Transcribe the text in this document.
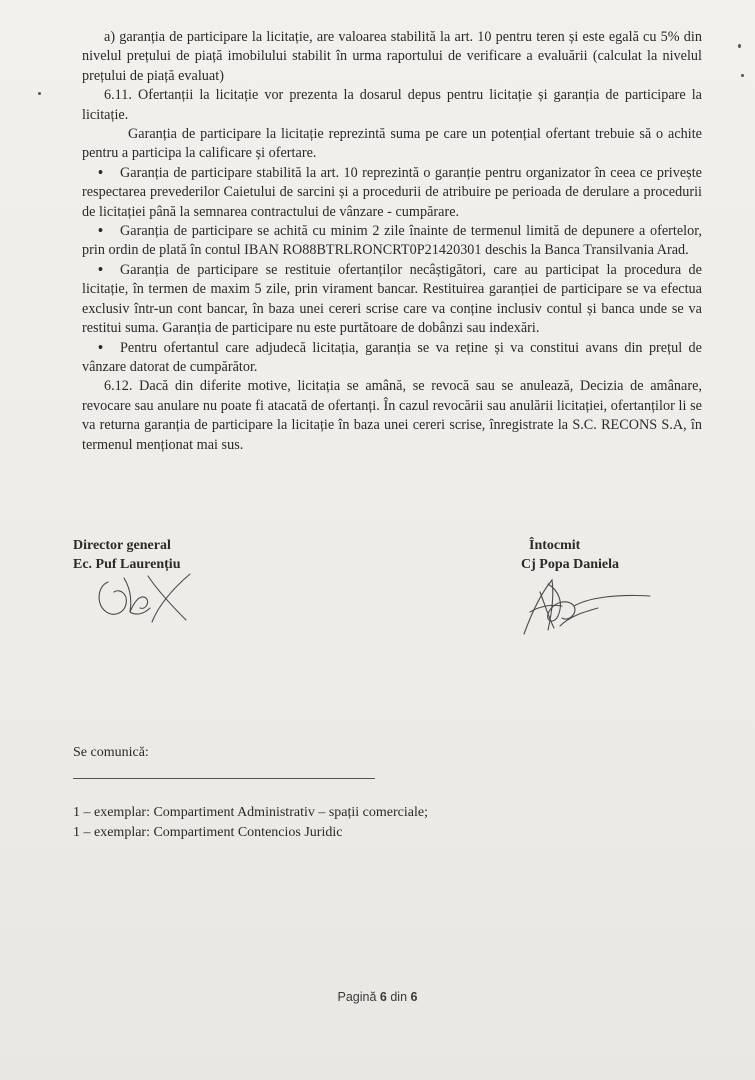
a) garanția de participare la licitație, are valoarea stabilită la art. 10 pentru teren și este egală cu 5% din nivelul prețului de piață imobilului stabilit în urma raportului de verificare a evaluării (calculat la nivelul prețului de piață evaluat)

6.11. Ofertanții la licitație vor prezenta la dosarul depus pentru licitație și garanția de participare la licitație.

Garanția de participare la licitație reprezintă suma pe care un potențial ofertant trebuie să o achite pentru a participa la calificare și ofertare.

• Garanția de participare stabilită la art. 10 reprezintă o garanție pentru organizator în ceea ce privește respectarea prevederilor Caietului de sarcini și a procedurii de atribuire pe perioada de derulare a procedurii de licitației până la semnarea contractului de vânzare - cumpărare.

• Garanția de participare se achită cu minim 2 zile înainte de termenul limită de depunere a ofertelor, prin ordin de plată în contul IBAN RO88BTRLRONCRT0P21420301 deschis la Banca Transilvania Arad.

• Garanția de participare se restituie ofertanților necâștigători, care au participat la procedura de licitație, în termen de maxim 5 zile, prin virament bancar. Restituirea garanției de participare se va efectua exclusiv într-un cont bancar, în baza unei cereri scrise care va conține inclusiv contul și banca unde se va restitui suma. Garanția de participare nu este purtătoare de dobânzi sau indexări.

• Pentru ofertantul care adjudecă licitația, garanția se va reține și va constitui avans din prețul de vânzare datorat de cumpărător.

6.12. Dacă din diferite motive, licitația se amână, se revocă sau se anulează, Decizia de amânare, revocare sau anulare nu poate fi atacată de ofertanți. În cazul revocării sau anulării licitației, ofertanților li se va returna garanția de participare la licitație în baza unei cereri scrise, înregistrate la S.C. RECONS S.A, în termenul menționat mai sus.

Director general
Ec. Puf Laurențiu
Întocmit
Cj Popa Daniela
Se comunică:
1 – exemplar: Compartiment Administrativ – spații comerciale;
1 – exemplar: Compartiment Contencios Juridic
Pagină 6 din 6
